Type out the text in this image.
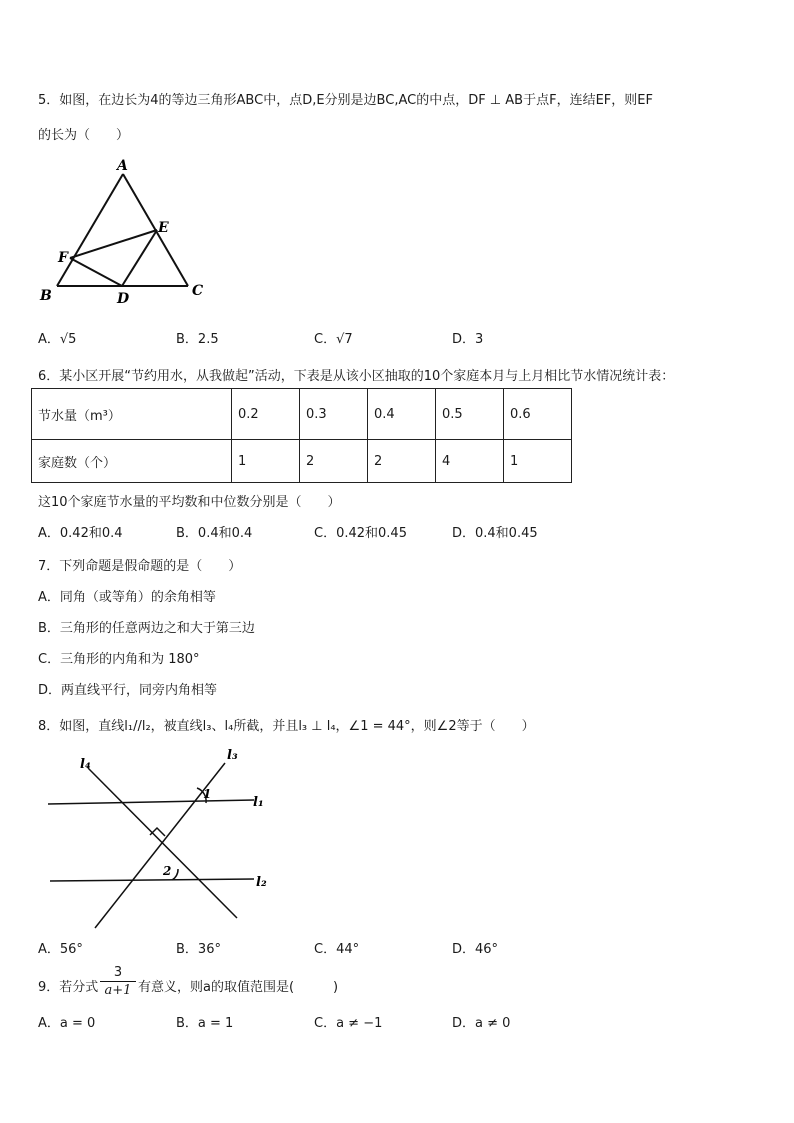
5．如图，在边长为4的等边三角形ABC中，点D,E分别是边BC,AC的中点，DF ⊥ AB于点F，连结EF，则EF
的长为（　　）
A
B	C
D
E
F
l₄
l₃
l₁
l₂
1
2
A．√5	B．2.5	C．√7	D．3
6．某小区开展“节约用水，从我做起”活动，下表是从该小区抽取的10个家庭本月与上月相比节水情况统计表：
节水量（m³）	0.2	0.3	0.4	0.5	0.6
家庭数（个）	1	2	2	4	1
这10个家庭节水量的平均数和中位数分别是（　　）
A．0.42和0.4	B．0.4和0.4	C．0.42和0.45	D．0.4和0.45
7．下列命题是假命题的是（　　）
A．同角（或等角）的余角相等
B．三角形的任意两边之和大于第三边
C．三角形的内角和为 180°
D．两直线平行，同旁内角相等
8．如图，直线l₁//l₂，被直线l₃、l₄所截，并且l₃ ⊥ l₄，∠1 = 44°，则∠2等于（　　）
A．56°	B．36°	C．44°	D．46°
9．若分式
3
a+1 有意义，则a的取值范围是(　　　)
A．a = 0	B．a = 1	C．a ≠ −1	D．a ≠ 0
